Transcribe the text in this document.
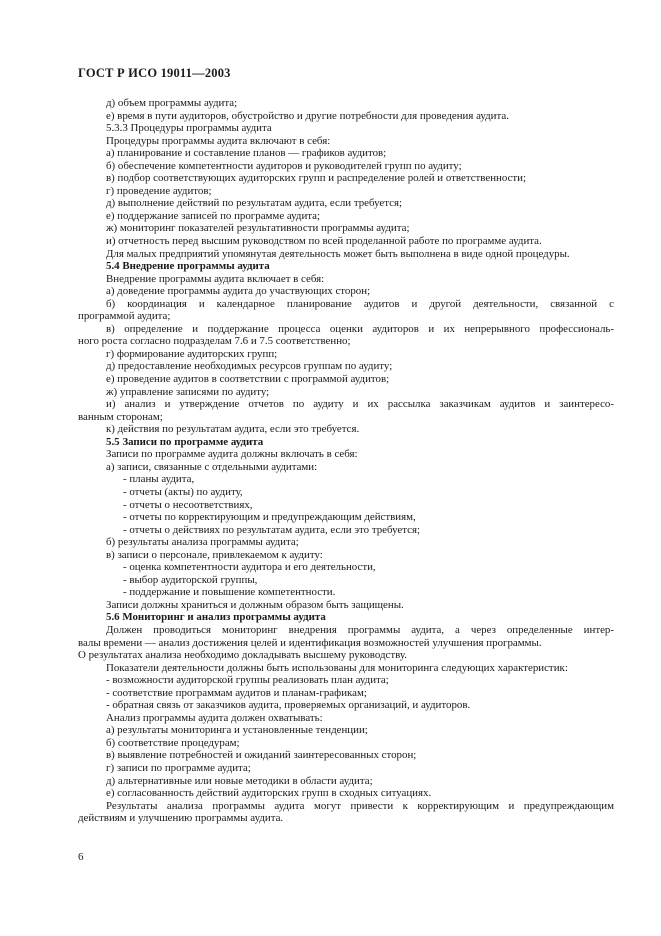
ГОСТ Р ИСО 19011—2003
д) объем программы аудита;
е) время в пути аудиторов, обустройство и другие потребности для проведения аудита.
5.3.3 Процедуры программы аудита
Процедуры программы аудита включают в себя:
а) планирование и составление планов — графиков аудитов;
б) обеспечение компетентности аудиторов и руководителей групп по аудиту;
в) подбор соответствующих аудиторских групп и распределение ролей и ответственности;
г) проведение аудитов;
д) выполнение действий по результатам аудита, если требуется;
е) поддержание записей по программе аудита;
ж) мониторинг показателей результативности программы аудита;
и) отчетность перед высшим руководством по всей проделанной работе по программе аудита.
Для малых предприятий упомянутая деятельность может быть выполнена в виде одной процедуры.
5.4 Внедрение программы аудита
Внедрение программы аудита включает в себя:
а) доведение программы аудита до участвующих сторон;
б) координация и календарное планирование аудитов и другой деятельности, связанной с
программой аудита;
в) определение и поддержание процесса оценки аудиторов и их непрерывного профессиональ-
ного роста согласно подразделам 7.6 и 7.5 соответственно;
г) формирование аудиторских групп;
д) предоставление необходимых ресурсов группам по аудиту;
е) проведение аудитов в соответствии с программой аудитов;
ж) управление записями по аудиту;
и) анализ и утверждение отчетов по аудиту и их рассылка заказчикам аудитов и заинтересо-
ванным сторонам;
к) действия по результатам аудита, если это требуется.
5.5 Записи по программе аудита
Записи по программе аудита должны включать в себя:
а) записи, связанные с отдельными аудитами:
- планы аудита,
- отчеты (акты) по аудиту,
- отчеты о несоответствиях,
- отчеты по корректирующим и предупреждающим действиям,
- отчеты о действиях по результатам аудита, если это требуется;
б) результаты анализа программы аудита;
в) записи о персонале, привлекаемом к аудиту:
- оценка компетентности аудитора и его деятельности,
- выбор аудиторской группы,
- поддержание и повышение компетентности.
Записи должны храниться и должным образом быть защищены.
5.6 Мониторинг и анализ программы аудита
Должен проводиться мониторинг внедрения программы аудита, а через определенные интер-
валы времени — анализ достижения целей и идентификация возможностей улучшения программы.
О результатах анализа необходимо докладывать высшему руководству.
Показатели деятельности должны быть использованы для мониторинга следующих характеристик:
- возможности аудиторской группы реализовать план аудита;
- соответствие программам аудитов и планам-графикам;
- обратная связь от заказчиков аудита, проверяемых организаций, и аудиторов.
Анализ программы аудита должен охватывать:
а) результаты мониторинга и установленные тенденции;
б) соответствие процедурам;
в) выявление потребностей и ожиданий заинтересованных сторон;
г) записи по программе аудита;
д) альтернативные или новые методики в области аудита;
е) согласованность действий аудиторских групп в сходных ситуациях.
Результаты анализа программы аудита могут привести к корректирующим и предупреждающим
действиям и улучшению программы аудита.
6
